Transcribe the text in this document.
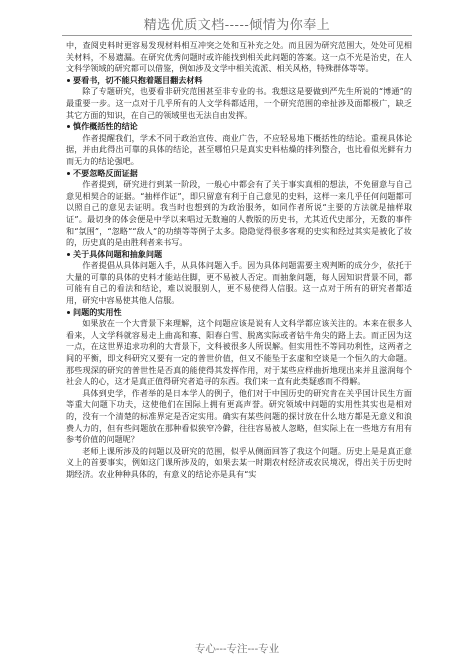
精选优质文档-----倾情为你奉上

中，查阅史料时更容易发现材料相互冲突之处和互补充之处。而且因为研究范围大，处处可见相关材料，不易遗漏。在研究优秀问题时或许能找到相关此问题的答案。这一点不光是治史，在人文科学领域的研究都可以借鉴，例如涉及文学中相关流派、相关风格，特殊群体等等。

要看书，切不能只抱着题目翻去材料

除了专题研究，也要看非研究范围甚至非专业的书。我想这是要做到严先生所说的“博通”的最重要一步。这一点对于几乎所有的人文学科都适用，一个研究范围的牵扯涉及面都极广，缺乏其它方面的知识，在自己的领域里也无法自由发挥。

慎作概括性的结论

作者提醒我们，学术不同于政治宣传、商业广告，不应轻易地下概括性的结论。重视具体论据，并由此得出可靠的具体的结论，甚至哪怕只是真实史料枯燥的排列整合，也比看似光鲜有力而无力的结论强吧。

不要忽略反面证据

作者提到，研究进行到某一阶段，一般心中都会有了关于事实真相的想法，不免留意与自己意见相契合的证据。“抽样作证”，即只留意有利于自己意见的史料，这样一来几乎任何问题都可以照自己的意见去证明。我当时也想到的为政治服务，如同作者所说“主要的方法就是抽样取证”。最切身的体会便是中学以来唱过无数遍的人教版的历史书，尤其近代史部分，无数的事件和“氛围”，“忽略”“敌人”的功绩等等例子太多。隐隐觉得很多客观的史实和经过其实是被化了妆的，历史真的是由胜利者来书写。

关于具体问题和抽象问题

作者提倡从具体问题入手，从具体问题入手。因为具体问题需要主观判断的成分少，依托于大量的可靠的具体的史料才能站住脚，更不易被人否定。而抽象问题，每人因知识背景不同，都可能有自己的看法和结论，难以说服别人，更不易使得人信服。这一点对于所有的研究者都适用，研究中容易使其他人信服。

问题的实用性

如果放在一个大背景下来理解，这个问题应该是说有人文科学都应该关注的。本来在很多人看来，人文学科就容易走上曲高和寡、阳春白雪、脱离实际或者钻牛角尖的路上去。而正因为这一点，在这世界追求功利的大背景下，文科被很多人所误解。但实用性不等同功利性，这两者之间的平衡，即文科研究又要有一定的普世价值，但又不能坠于玄虚和空谈是一个恒久的大命题。那些现深的研究的普世性是否真的能使得其发挥作用，对于某些应样曲折地现出来并且滋润每个社会人的心，这才是真正值得研究者追寻的东西。我们来一直有此类疑惑而不得解。

具体到史学，作者举的是日本学人的例子，他们对于中国历史的研究肯在关乎国计民生方面等重大问题下功夫，这使他们在国际上拥有更高声誉。研究领域中问题的实用性其实也是相对的，没有一个清楚的标准界定是否定实用。确实有某些问题的探讨放在什么地方都是无意义和浪费人力的，但有些问题放在那种看似狭窄冷僻，往往容易被人忽略，但实际上在一些地方有用有参考价值的问题呢？

老师上课所涉及的问题以及研究的范围，似乎从侧面回答了我这个问题。历史上是是真正意义上的首要事实，例如这门课所涉及的，如果去某一时期农村经济或农民境况，得出关于历史时期经济。农业种种具体的，有意义的结论亦是具有“实

专心---专注---专业
